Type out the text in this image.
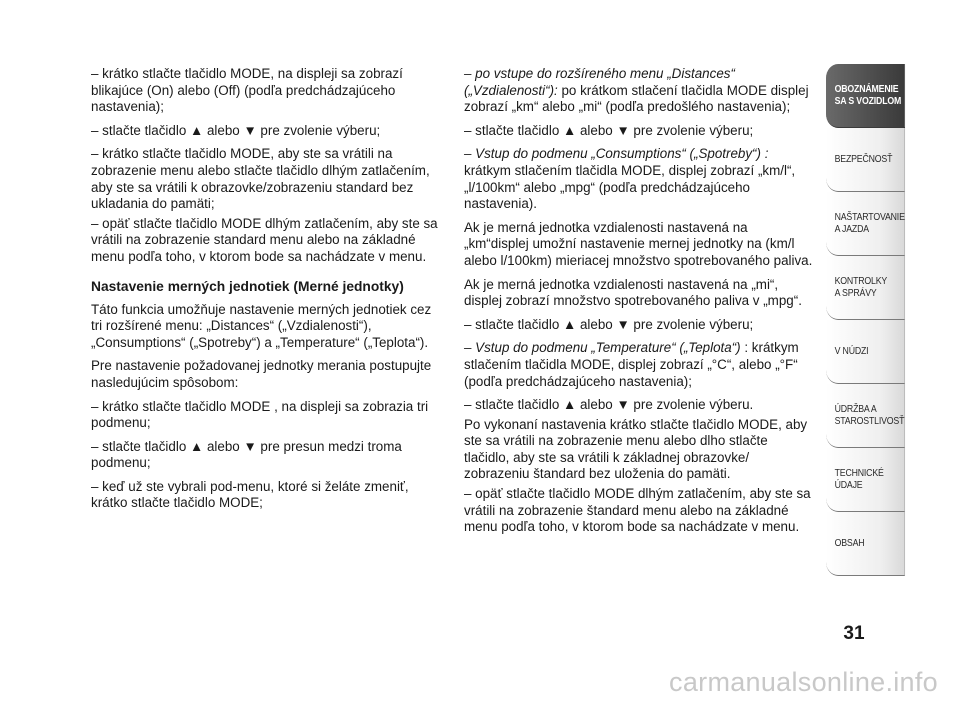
– krátko stlačte tlačidlo MODE, na displeji sa zobrazí blikajúce (On) alebo (Off) (podľa predchádzajúceho nastavenia);

– stlačte tlačidlo ▲ alebo ▼ pre zvolenie výberu;

– krátko stlačte tlačidlo MODE, aby ste sa vrátili na zobrazenie menu alebo stlačte tlačidlo dlhým zatlačením, aby ste sa vrátili k obrazovke/zobrazeniu standard bez ukladania do pamäti;

– opäť stlačte tlačidlo MODE dlhým zatlačením, aby ste sa vrátili na zobrazenie standard menu alebo na základné menu podľa toho, v ktorom bode sa nachádzate v menu.

Nastavenie merných jednotiek (Merné jednotky)

Táto funkcia umožňuje nastavenie merných jednotiek cez tri rozšírené menu: „Distances“ („Vzdialenosti“), „Consumptions“ („Spotreby“) a „Temperature“ („Teplota“).

Pre nastavenie požadovanej jednotky merania postupujte nasledujúcim spôsobom:

– krátko stlačte tlačidlo MODE , na displeji sa zobrazia tri podmenu;

– stlačte tlačidlo ▲ alebo ▼ pre presun medzi troma podmenu;

– keď už ste vybrali pod-menu, ktoré si želáte zmeniť, krátko stlačte tlačidlo MODE;

– po vstupe do rozšíreného menu „Distances“ („Vzdialenosti“): po krátkom stlačení tlačidla MODE displej zobrazí „km“ alebo „mi“ (podľa predošlého nastavenia);

– stlačte tlačidlo ▲ alebo ▼ pre zvolenie výberu;

– Vstup do podmenu „Consumptions“ („Spotreby“) : krátkym stlačením tlačidla MODE, displej zobrazí „km/l“, „l/100km“ alebo „mpg“ (podľa predchádzajúceho nastavenia).

Ak je merná jednotka vzdialenosti nastavená na „km“displej umožní nastavenie mernej jednotky na (km/l alebo l/100km) mieriacej množstvo spotrebovaného paliva.

Ak je merná jednotka vzdialenosti nastavená na „mi“, displej zobrazí množstvo spotrebovaného paliva v „mpg“.

– stlačte tlačidlo ▲ alebo ▼ pre zvolenie výberu;

– Vstup do podmenu „Temperature“ („Teplota“) : krátkym stlačením tlačidla MODE, displej zobrazí „°C“, alebo „°F“ (podľa predchádzajúceho nastavenia);

– stlačte tlačidlo ▲ alebo ▼ pre zvolenie výberu.

Po vykonaní nastavenia krátko stlačte tlačidlo MODE, aby ste sa vrátili na zobrazenie menu alebo dlho stlačte tlačidlo, aby ste sa vrátili k základnej obrazovke/ zobrazeniu štandard bez uloženia do pamäti.

– opäť stlačte tlačidlo MODE dlhým zatlačením, aby ste sa vrátili na zobrazenie štandard menu alebo na základné menu podľa toho, v ktorom bode sa nachádzate v menu.

OBOZNÁMENIE
SA S VOZIDLOM
BEZPEČNOSŤ
NAŠTARTOVANIE
A JAZDA
KONTROLKY
A SPRÁVY
V NÚDZI
ÚDRŽBA A
STAROSTLIVOSŤ
TECHNICKÉ
ÚDAJE
OBSAH
31
carmanualsonline.info
